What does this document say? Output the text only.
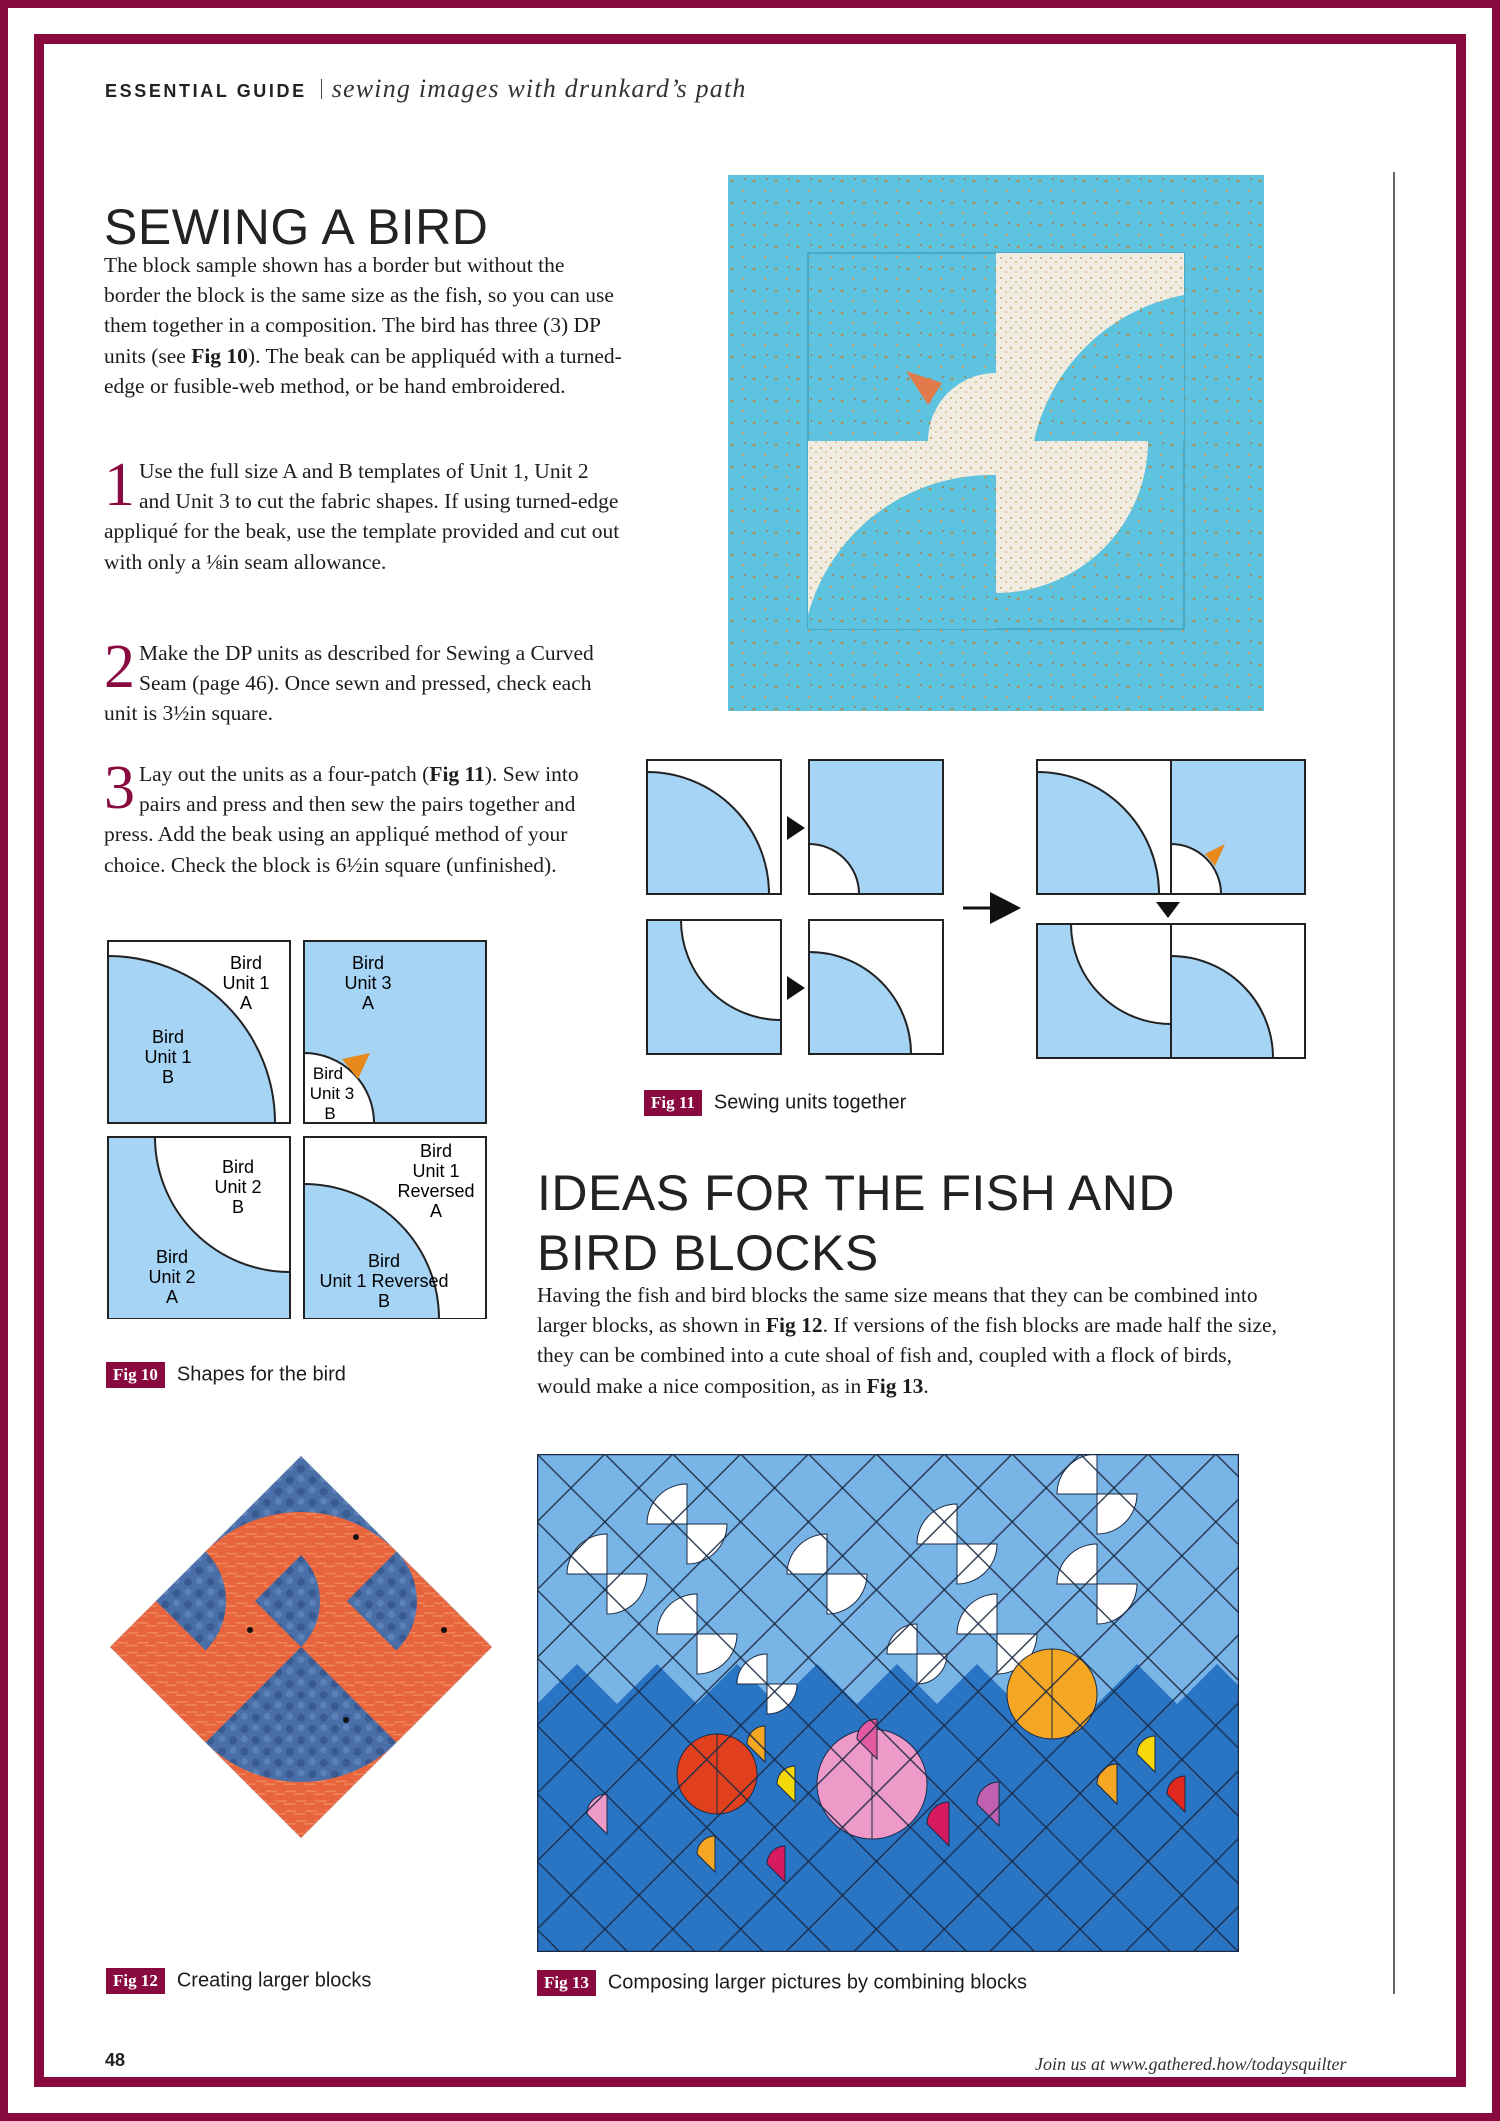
ESSENTIAL GUIDE sewing images with drunkard’s path
SEWING A BIRD
The block sample shown has a border but without the border the block is the same size as the fish, so you can use them together in a composition. The bird has three (3) DP units (see Fig 10). The beak can be appliquéd with a turned-edge or fusible-web method, or be hand embroidered.
1 Use the full size A and B templates of Unit 1, Unit 2 and Unit 3 to cut the fabric shapes. If using turned-edge appliqué for the beak, use the template provided and cut out with only a ⅛in seam allowance.
2 Make the DP units as described for Sewing a Curved Seam (page 46). Once sewn and pressed, check each unit is 3½in square.
3 Lay out the units as a four-patch (Fig 11). Sew into pairs and press and then sew the pairs together and press. Add the beak using an appliqué method of your choice. Check the block is 6½in square (unfinished).
Bird
Unit 1
A
Bird
Unit 1
B
Bird
Unit 3
A
Bird
Unit 3
B
Bird
Unit 2
B
Bird
Unit 2
A
Bird
Unit 1
Reversed
A
Bird
Unit 1 Reversed
B
Fig 10 Shapes for the bird
Fig 11 Sewing units together
IDEAS FOR THE FISH AND
BIRD BLOCKS
Having the fish and bird blocks the same size means that they can be combined into larger blocks, as shown in Fig 12. If versions of the fish blocks are made half the size, they can be combined into a cute shoal of fish and, coupled with a flock of birds, would make a nice composition, as in Fig 13.
Fig 12 Creating larger blocks	Fig 13 Composing larger pictures by combining blocks
48	Join us at www.gathered.how/todaysquilter
